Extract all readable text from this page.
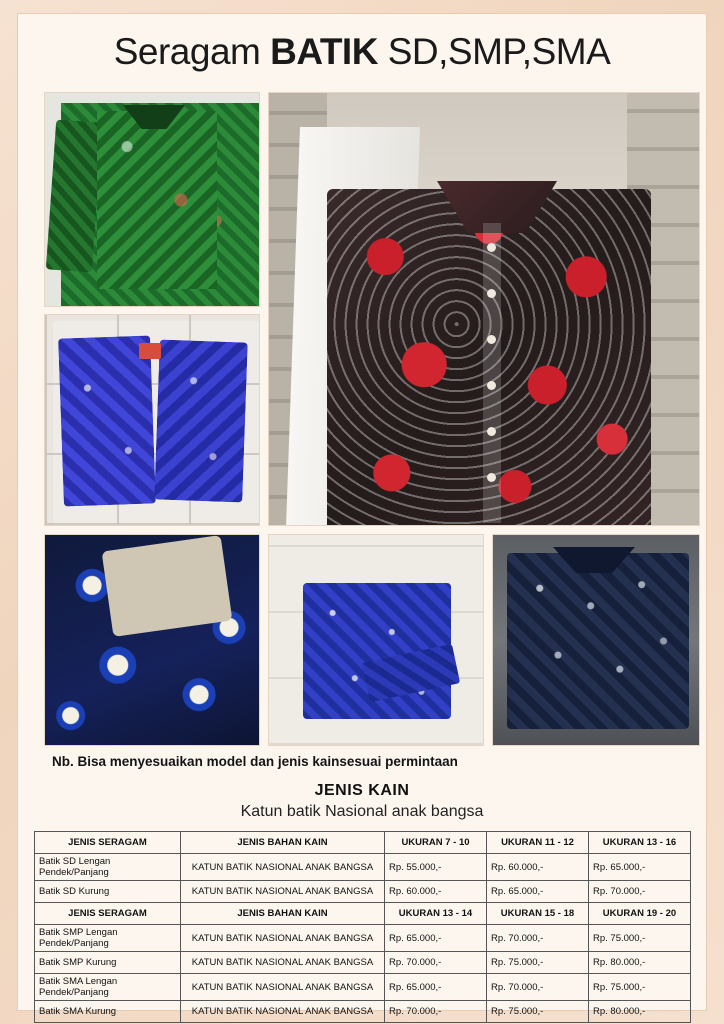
Seragam BATIK SD,SMP,SMA
Nb. Bisa menyesuaikan model dan jenis kainsesuai permintaan
JENIS KAIN
Katun batik Nasional anak bangsa
JENIS SERAGAM	JENIS BAHAN KAIN	UKURAN 7 - 10	UKURAN 11 - 12	UKURAN 13 - 16
Batik SD Lengan Pendek/Panjang	KATUN BATIK NASIONAL ANAK BANGSA	Rp. 55.000,-	Rp. 60.000,-	Rp. 65.000,-
Batik SD Kurung	KATUN BATIK NASIONAL ANAK BANGSA	Rp. 60.000,-	Rp. 65.000,-	Rp. 70.000,-
JENIS SERAGAM	JENIS BAHAN KAIN	UKURAN 13 - 14	UKURAN 15 - 18	UKURAN 19 - 20
Batik SMP Lengan Pendek/Panjang	KATUN BATIK NASIONAL ANAK BANGSA	Rp. 65.000,-	Rp. 70.000,-	Rp. 75.000,-
Batik SMP Kurung	KATUN BATIK NASIONAL ANAK BANGSA	Rp. 70.000,-	Rp. 75.000,-	Rp. 80.000,-
Batik SMA Lengan Pendek/Panjang	KATUN BATIK NASIONAL ANAK BANGSA	Rp. 65.000,-	Rp. 70.000,-	Rp. 75.000,-
Batik SMA Kurung	KATUN BATIK NASIONAL ANAK BANGSA	Rp. 70.000,-	Rp. 75.000,-	Rp. 80.000,-
